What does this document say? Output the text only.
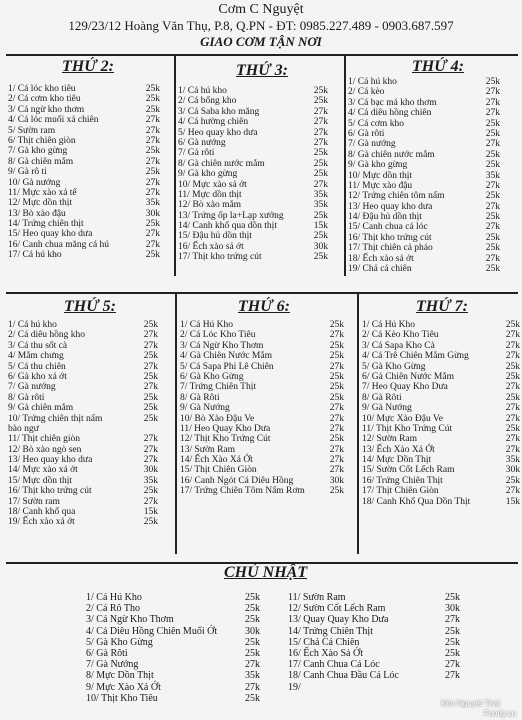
Cơm C Nguyệt
129/23/12 Hoàng Văn Thụ, P.8, Q.PN - ĐT: 0985.227.489 - 0903.687.597
GIAO CƠM TẬN NƠI
THỨ 2:	THỨ 3:	THỨ 4:
THỨ 5:	THỨ 6:	THỨ 7:
CHỦ NHẬT
1/ Cá lóc kho tiêu	25k
2/ Cá cơm kho tiêu	25k
3/ Cá ngừ kho thơm	25k
4/ Cá lóc muối xả chiên	27k
5/ Sườn ram	27k
6/ Thịt chiên giòn	27k
7/ Gà kho gừng	25k
8/ Gà chiên mắm	27k
9/ Gà rô ti	25k
10/ Gà nướng	27k
11/ Mực xào xả tế	27k
12/ Mực dồn thịt	35k
13/ Bò xào đậu	30k
14/ Trứng chiên thịt	25k
15/ Heo quay kho dưa	27k
16/ Canh chua măng cá hú	27k
17/ Cá hú kho	25k
1/ Cá hú kho	25k
2/ Cá bống kho	25k
3/ Cá Saba kho măng	27k
4/ Cá hường chiên	27k
5/ Heo quay kho dưa	27k
6/ Gà nướng	27k
7/ Gà rôti	25k
8/ Gà chiên nước mắm	25k
9/ Gà kho gừng	25k
10/ Mực xào sả ớt	27k
11/ Mực dồn thịt	35k
12/ Bò xào mắm	35k
13/ Trứng ốp la+Lạp xưởng	25k
14/ Canh khổ qua dồn thịt	15k
15/ Đậu hủ dồn thịt	25k
16/ Ếch xào sả ớt	30k
17/ Thịt kho trứng cút	25k
1/ Cá hú kho	25k
2/ Cá kèo	27k
3/ Cá bạc má kho thơm	27k
4/ Cá diêu hồng chiên	27k
5/ Cá cơm kho	25k
6/ Gà rôti	25k
7/ Gà nướng	27k
8/ Gà chiên nước mắm	25k
9/ Gà kho gừng	25k
10/ Mực dồn thịt	35k
11/ Mực xào đậu	27k
12/ Trứng chiên tôm nấm	25k
13/ Heo quay kho dưa	27k
14/ Đậu hủ dồn thịt	25k
15/ Canh chua cá lóc	27k
16/ Thịt kho trứng cút	25k
17/ Thịt chiên cả pháo	25k
18/ Ếch xào sả ớt	27k
19/ Chả cá chiên	25k
1/ Cá hú kho	25k
2/ Cá diêu hồng kho	27k
3/ Cá thu sốt cà	27k
4/ Mắm chưng	25k
5/ Cá thu chiên	27k
6/ Gà kho xả ớt	25k
7/ Gà nướng	27k
8/ Gà rôti	25k
9/ Gà chiên mắm	25k
10/ Trứng chiên thịt nấm	25k
bào ngư
11/ Thịt chiên giòn	27k
12/ Bò xào ngò sen	27k
13/ Heo quay kho dưa	27k
14/ Mực xào xả ớt	30k
15/ Mực dồn thịt	35k
16/ Thịt kho trứng cút	25k
17/ Sườn ram	27k
18/ Canh khổ qua	15k
19/ Ếch xào xả ớt	25k
1/ Cá Hú Kho	25k
2/ Cá Lóc Kho Tiêu	27k
3/ Cá Ngừ Kho Thơm	25k
4/ Gà Chiên Nước Mắm	25k
5/ Cá Sapa Phi Lê Chiên	27k
6/ Gà Kho Gừng	25k
7/ Trứng Chiên Thịt	25k
8/ Gà Rôti	25k
9/ Gà Nướng	27k
10/ Bò Xào Đậu Ve	27k
11/ Heo Quay Kho Dưa	27k
12/ Thịt Kho Trứng Cút	25k
13/ Sườn Ram	27k
14/ Ếch Xào Xả Ớt	27k
15/ Thịt Chiên Giòn	27k
16/ Canh Ngót Cá Diêu Hồng	30k
17/ Trứng Chiên Tôm Nấm Rơm	25k
1/ Cá Hú Kho	25k
2/ Cá Kèo Kho Tiêu	27k
3/ Cá Sapa Kho Cà	27k
4/ Cá Trê Chiên Mắm Gừng	27k
5/ Gà Kho Gừng	25k
6/ Gà Chiên Nước Mắm	25k
7/ Heo Quay Kho Dưa	27k
8/ Gà Rôti	25k
9/ Gà Nướng	27k
10/ Mực Xào Đậu Ve	27k
11/ Thịt Kho Trứng Cút	25k
12/ Sườn Ram	27k
13/ Ếch Xào Xả Ớt	27k
14/ Mực Dồn Thịt	35k
15/ Sườn Cốt Lếch Ram	30k
16/ Trứng Chiên Thịt	25k
17/ Thịt Chiên Giòn	27k
18/ Canh Khổ Qua Dồn Thịt	15k
1/ Cá Hú Kho	25k
2/ Cá Rô Tho	25k
3/ Cá Ngừ Kho Thơm	25k
4/ Cá Diêu Hồng Chiên Muối Ớt	30k
5/ Gà Kho Gừng	25k
6/ Gà Rôti	25k
7/ Gà Nướng	27k
8/ Mực Dồn Thịt	35k
9/ Mực Xào Xả Ớt	27k
10/ Thịt Kho Tiêu	25k
11/ Sườn Ram	25k
12/ Sườn Cốt Lếch Ram	30k
13/ Quay Quay Kho Dưa	27k
14/ Trứng Chiên Thịt	25k
15/ Chả Cá Chiên	25k
16/ Ếch Xào Sả Ớt	25k
17/ Canh Chua Cá Lóc	27k
18/ Canh Chua Đầu Cá Lóc	27k
19/
Kim Nguyệt Thái
Foody.vn
